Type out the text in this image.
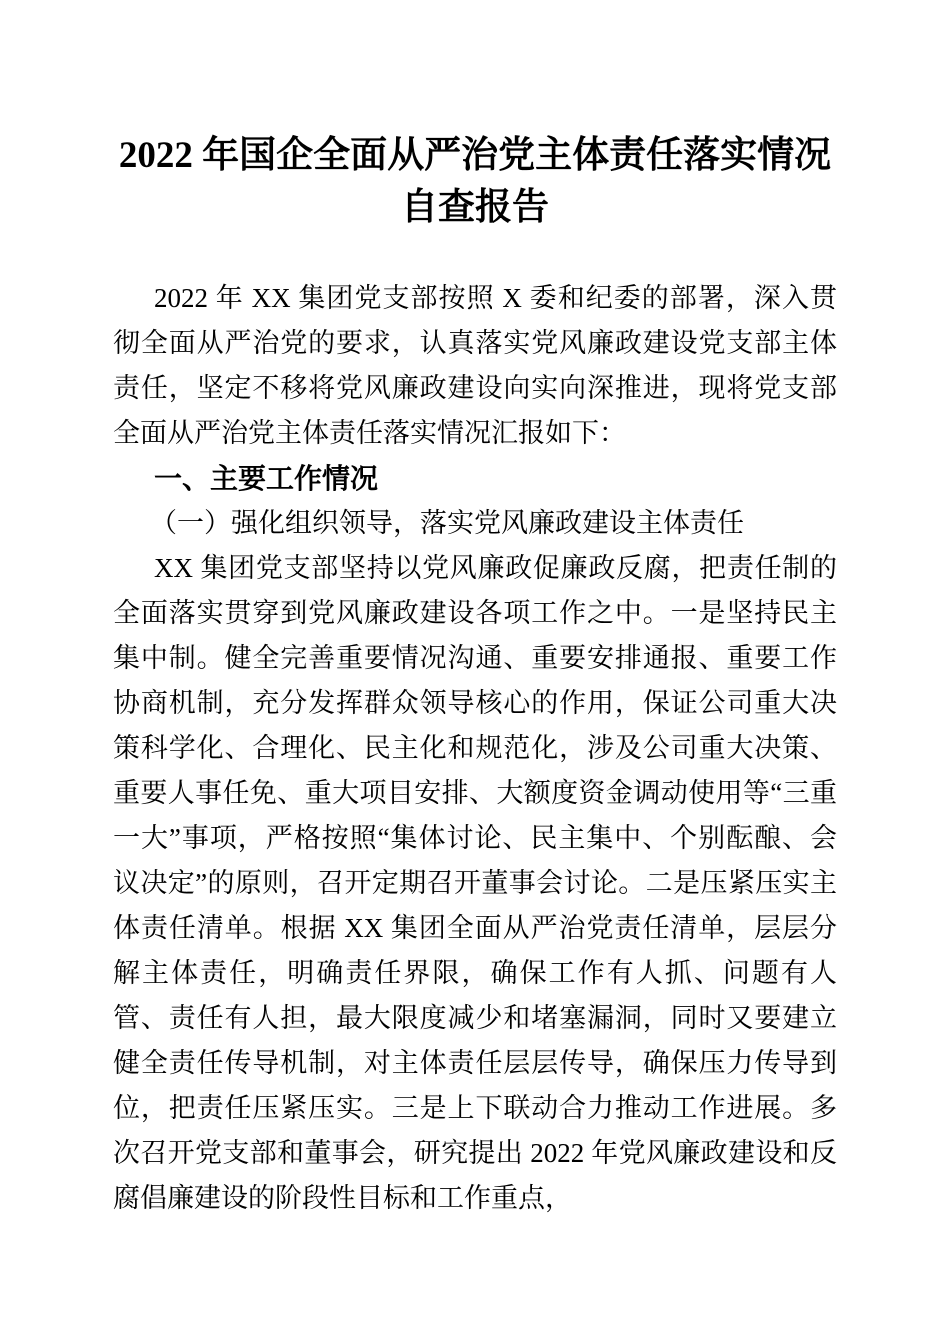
2022 年国企全面从严治党主体责任落实情况自查报告

2022 年 XX 集团党支部按照 X 委和纪委的部署，深入贯彻全面从严治党的要求，认真落实党风廉政建设党支部主体责任，坚定不移将党风廉政建设向实向深推进，现将党支部全面从严治党主体责任落实情况汇报如下：

一、主要工作情况

（一）强化组织领导，落实党风廉政建设主体责任

XX 集团党支部坚持以党风廉政促廉政反腐，把责任制的全面落实贯穿到党风廉政建设各项工作之中。一是坚持民主集中制。健全完善重要情况沟通、重要安排通报、重要工作协商机制，充分发挥群众领导核心的作用，保证公司重大决策科学化、合理化、民主化和规范化，涉及公司重大决策、重要人事任免、重大项目安排、大额度资金调动使用等“三重一大”事项，严格按照“集体讨论、民主集中、个别酝酿、会议决定”的原则，召开定期召开董事会讨论。二是压紧压实主体责任清单。根据 XX 集团全面从严治党责任清单，层层分解主体责任，明确责任界限，确保工作有人抓、问题有人管、责任有人担，最大限度减少和堵塞漏洞，同时又要建立健全责任传导机制，对主体责任层层传导，确保压力传导到位，把责任压紧压实。三是上下联动合力推动工作进展。多次召开党支部和董事会，研究提出 2022 年党风廉政建设和反腐倡廉建设的阶段性目标和工作重点，
